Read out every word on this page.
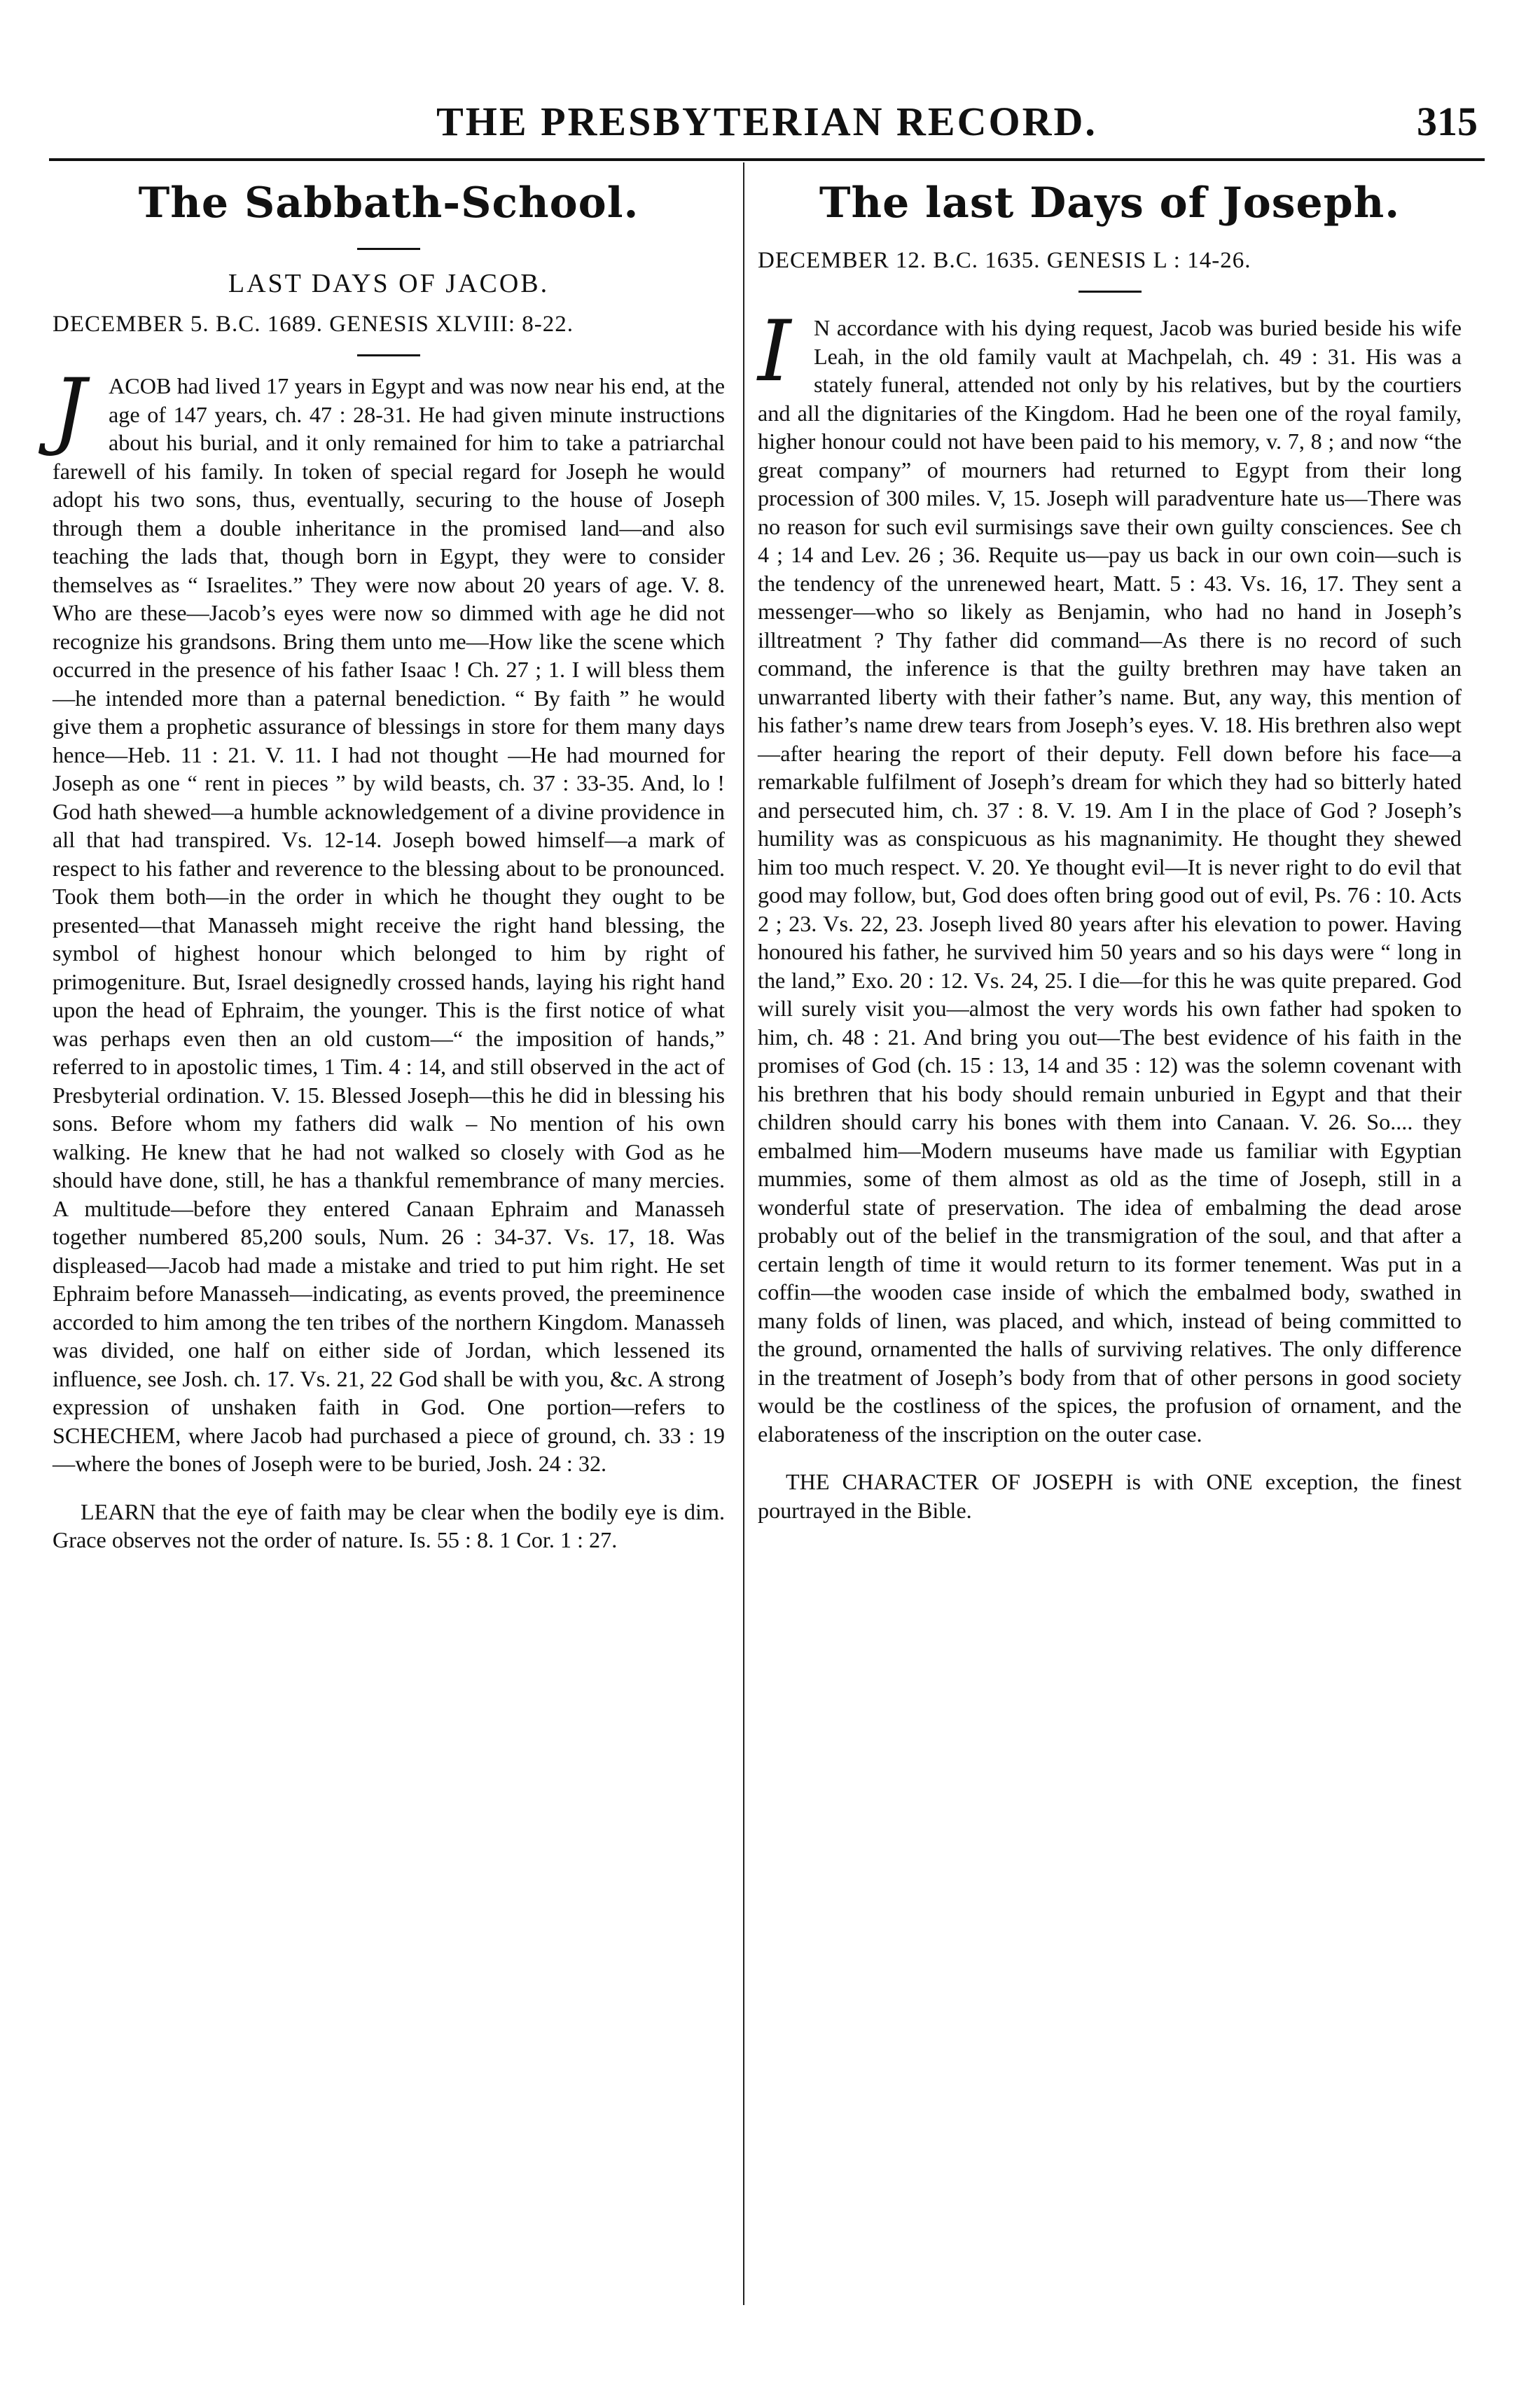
THE PRESBYTERIAN RECORD.	315
The Sabbath-School.
LAST DAYS OF JACOB.
DECEMBER 5. B.C. 1689. GENESIS XLVIII: 8-22.

JACOB had lived 17 years in Egypt and was now near his end, at the age of 147 years, ch. 47 : 28-31. He had given minute instructions about his burial, and it only remained for him to take a patriarchal farewell of his family. In token of special regard for Joseph he would adopt his two sons, thus, eventually, securing to the house of Joseph through them a double inheritance in the promised land—and also teaching the lads that, though born in Egypt, they were to consider themselves as “ Israelites.” They were now about 20 years of age. V. 8. Who are these—Jacob’s eyes were now so dimmed with age he did not recognize his grandsons. Bring them unto me—How like the scene which occurred in the presence of his father Isaac ! Ch. 27 ; 1. I will bless them—he intended more than a paternal benediction. “ By faith ” he would give them a prophetic assurance of blessings in store for them many days hence—Heb. 11 : 21. V. 11. I had not thought —He had mourned for Joseph as one “ rent in pieces ” by wild beasts, ch. 37 : 33-35. And, lo ! God hath shewed—a humble acknowledgement of a divine providence in all that had transpired. Vs. 12-14. Joseph bowed himself—a mark of respect to his father and reverence to the blessing about to be pronounced. Took them both—in the order in which he thought they ought to be presented—that Manasseh might receive the right hand blessing, the symbol of highest honour which belonged to him by right of primogeniture. But, Israel designedly crossed hands, laying his right hand upon the head of Ephraim, the younger. This is the first notice of what was perhaps even then an old custom—“ the imposition of hands,” referred to in apostolic times, 1 Tim. 4 : 14, and still observed in the act of Presbyterial ordination. V. 15. Blessed Joseph—this he did in blessing his sons. Before whom my fathers did walk – No mention of his own walking. He knew that he had not walked so closely with God as he should have done, still, he has a thankful remembrance of many mercies. A multitude—before they entered Canaan Ephraim and Manasseh together numbered 85,200 souls, Num. 26 : 34-37. Vs. 17, 18. Was displeased—Jacob had made a mistake and tried to put him right. He set Ephraim before Manasseh—indicating, as events proved, the preeminence accorded to him among the ten tribes of the northern Kingdom. Manasseh was divided, one half on either side of Jordan, which lessened its influence, see Josh. ch. 17. Vs. 21, 22 God shall be with you, &c. A strong expression of unshaken faith in God. One portion—refers to SCHECHEM, where Jacob had purchased a piece of ground, ch. 33 : 19—where the bones of Joseph were to be buried, Josh. 24 : 32.

LEARN that the eye of faith may be clear when the bodily eye is dim. Grace observes not the order of nature. Is. 55 : 8. 1 Cor. 1 : 27.

The last Days of Joseph.
DECEMBER 12. B.C. 1635. GENESIS L : 14-26.

I	N accordance with his dying request, Jacob was buried beside his wife Leah, in the old family vault at Machpelah, ch. 49 : 31. His was a stately funeral, attended not only by his relatives, but by the courtiers and all the dignitaries of the Kingdom. Had he been one of the royal family, higher honour could not have been paid to his memory, v. 7, 8 ; and now “the great company” of mourners had returned to Egypt from their long procession of 300 miles. V, 15. Joseph will paradventure hate us—There was no reason for such evil surmisings save their own guilty consciences. See ch 4 ; 14 and Lev. 26 ; 36. Requite us—pay us back in our own coin—such is the tendency of the unrenewed heart, Matt. 5 : 43. Vs. 16, 17. They sent a messenger—who so likely as Benjamin, who had no hand in Joseph’s illtreatment ? Thy father did command—As there is no record of such command, the inference is that the guilty brethren may have taken an unwarranted liberty with their father’s name. But, any way, this mention of his father’s name drew tears from Joseph’s eyes. V. 18. His brethren also wept—after hearing the report of their deputy. Fell down before his face—a remarkable fulfilment of Joseph’s dream for which they had so bitterly hated and persecuted him, ch. 37 : 8. V. 19. Am I in the place of God ? Joseph’s humility was as conspicuous as his magnanimity. He thought they shewed him too much respect. V. 20. Ye thought evil—It is never right to do evil that good may follow, but, God does often bring good out of evil, Ps. 76 : 10. Acts 2 ; 23. Vs. 22, 23. Joseph lived 80 years after his elevation to power. Having honoured his father, he survived him 50 years and so his days were “ long in the land,” Exo. 20 : 12. Vs. 24, 25. I die—for this he was quite prepared. God will surely visit you—almost the very words his own father had spoken to him, ch. 48 : 21. And bring you out—The best evidence of his faith in the promises of God (ch. 15 : 13, 14 and 35 : 12) was the solemn covenant with his brethren that his body should remain unburied in Egypt and that their children should carry his bones with them into Canaan. V. 26. So.... they embalmed him—Modern museums have made us familiar with Egyptian mummies, some of them almost as old as the time of Joseph, still in a wonderful state of preservation. The idea of embalming the dead arose probably out of the belief in the transmigration of the soul, and that after a certain length of time it would return to its former tenement. Was put in a coffin—the wooden case inside of which the embalmed body, swathed in many folds of linen, was placed, and which, instead of being committed to the ground, ornamented the halls of surviving relatives. The only difference in the treatment of Joseph’s body from that of other persons in good society would be the costliness of the spices, the profusion of ornament, and the elaborateness of the inscription on the outer case.

THE CHARACTER OF JOSEPH is with ONE exception, the finest pourtrayed in the Bible.
